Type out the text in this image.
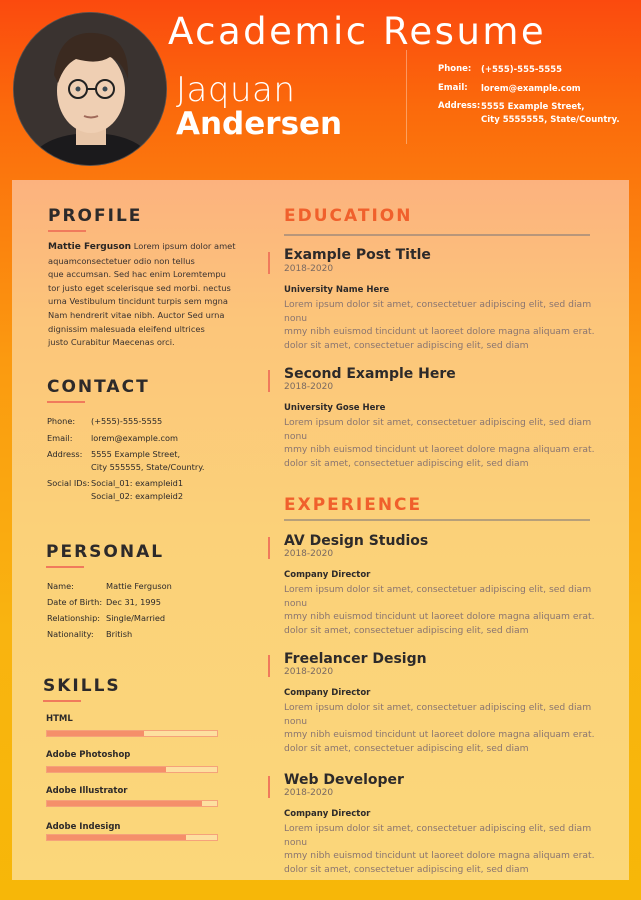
Academic Resume
Jaquan
Andersen
Phone: (+555)-555-5555
Email: lorem@example.com
Address:5555 Example Street,
City 5555555, State/Country.
PROFILE
Mattie Ferguson Lorem ipsum dolor amet
aquamconsectetuer odio non tellus
que accumsan. Sed hac enim Loremtempu
tor justo eget scelerisque sed morbi. nectus
urna Vestibulum tincidunt turpis sem mgna
Nam hendrerit vitae nibh. Auctor Sed urna
dignissim malesuada eleifend ultrices
justo Curabitur Maecenas orci.
CONTACT
Phone: (+555)-555-5555
Email: lorem@example.com
Address: 5555 Example Street,
City 555555, State/Country.
Social IDs: Social_01: exampleid1
Social_02: exampleid2
PERSONAL
Name:	Mattie Ferguson
Date of Birth: Dec 31, 1995
Relationship: Single/Married
Nationality: British
SKILLS
HTML
Adobe Photoshop
Adobe Illustrator
Adobe Indesign
EDUCATION
Example Post Title
2018-2020
University Name Here
Lorem ipsum dolor sit amet, consectetuer adipiscing elit, sed diam nonu
mmy nibh euismod tincidunt ut laoreet dolore magna aliquam erat.
dolor sit amet, consectetuer adipiscing elit, sed diam
Second Example Here
2018-2020
University Gose Here
Lorem ipsum dolor sit amet, consectetuer adipiscing elit, sed diam nonu
mmy nibh euismod tincidunt ut laoreet dolore magna aliquam erat.
dolor sit amet, consectetuer adipiscing elit, sed diam
EXPERIENCE
AV Design Studios
2018-2020
Company Director
Lorem ipsum dolor sit amet, consectetuer adipiscing elit, sed diam nonu
mmy nibh euismod tincidunt ut laoreet dolore magna aliquam erat.
dolor sit amet, consectetuer adipiscing elit, sed diam
Freelancer Design
2018-2020
Company Director
Lorem ipsum dolor sit amet, consectetuer adipiscing elit, sed diam nonu
mmy nibh euismod tincidunt ut laoreet dolore magna aliquam erat.
dolor sit amet, consectetuer adipiscing elit, sed diam
Web Developer
2018-2020
Company Director
Lorem ipsum dolor sit amet, consectetuer adipiscing elit, sed diam nonu
mmy nibh euismod tincidunt ut laoreet dolore magna aliquam erat.
dolor sit amet, consectetuer adipiscing elit, sed diam
